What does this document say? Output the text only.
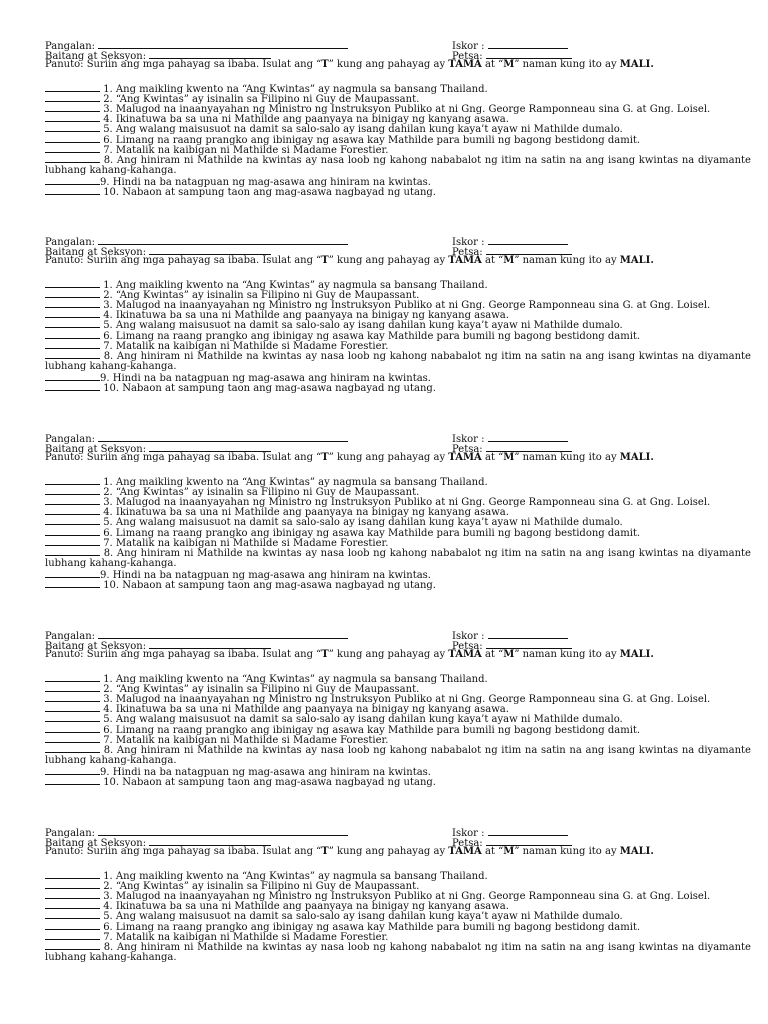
Pangalan:	Iskor :
Baitang at Seksyon:	Petsa:
Panuto: Suriin ang mga pahayag sa ibaba. Isulat ang “T” kung ang pahayag ay TAMA at “M” naman kung ito ay MALI.
1. Ang maikling kwento na “Ang Kwintas” ay nagmula sa bansang Thailand.
2. “Ang Kwintas” ay isinalin sa Filipino ni Guy de Maupassant.
3. Malugod na inaanyayahan ng Ministro ng Instruksyon Publiko at ni Gng. George Ramponneau sina G. at Gng. Loisel.
4. Ikinatuwa ba sa una ni Mathilde ang paanyaya na binigay ng kanyang asawa.
5. Ang walang maisusuot na damit sa salo-salo ay isang dahilan kung kaya’t ayaw ni Mathilde dumalo.
6. Limang na raang prangko ang ibinigay ng asawa kay Mathilde para bumili ng bagong bestidong damit.
7. Matalik na kaibigan ni Mathilde si Madame Forestier.
8. Ang hiniram ni Mathilde na kwintas ay nasa loob ng kahong nababalot ng itim na satin na ang isang kwintas na diyamante lubhang kahang-kahanga.
9. Hindi na ba natagpuan ng mag-asawa ang hiniram na kwintas.
10. Nabaon at sampung taon ang mag-asawa nagbayad ng utang.
Pangalan:	Iskor :
Baitang at Seksyon:	Petsa:
Panuto: Suriin ang mga pahayag sa ibaba. Isulat ang “T” kung ang pahayag ay TAMA at “M” naman kung ito ay MALI.
1. Ang maikling kwento na “Ang Kwintas” ay nagmula sa bansang Thailand.
2. “Ang Kwintas” ay isinalin sa Filipino ni Guy de Maupassant.
3. Malugod na inaanyayahan ng Ministro ng Instruksyon Publiko at ni Gng. George Ramponneau sina G. at Gng. Loisel.
4. Ikinatuwa ba sa una ni Mathilde ang paanyaya na binigay ng kanyang asawa.
5. Ang walang maisusuot na damit sa salo-salo ay isang dahilan kung kaya’t ayaw ni Mathilde dumalo.
6. Limang na raang prangko ang ibinigay ng asawa kay Mathilde para bumili ng bagong bestidong damit.
7. Matalik na kaibigan ni Mathilde si Madame Forestier.
8. Ang hiniram ni Mathilde na kwintas ay nasa loob ng kahong nababalot ng itim na satin na ang isang kwintas na diyamante lubhang kahang-kahanga.
9. Hindi na ba natagpuan ng mag-asawa ang hiniram na kwintas.
10. Nabaon at sampung taon ang mag-asawa nagbayad ng utang.
Pangalan:	Iskor :
Baitang at Seksyon:	Petsa:
Panuto: Suriin ang mga pahayag sa ibaba. Isulat ang “T” kung ang pahayag ay TAMA at “M” naman kung ito ay MALI.
1. Ang maikling kwento na “Ang Kwintas” ay nagmula sa bansang Thailand.
2. “Ang Kwintas” ay isinalin sa Filipino ni Guy de Maupassant.
3. Malugod na inaanyayahan ng Ministro ng Instruksyon Publiko at ni Gng. George Ramponneau sina G. at Gng. Loisel.
4. Ikinatuwa ba sa una ni Mathilde ang paanyaya na binigay ng kanyang asawa.
5. Ang walang maisusuot na damit sa salo-salo ay isang dahilan kung kaya’t ayaw ni Mathilde dumalo.
6. Limang na raang prangko ang ibinigay ng asawa kay Mathilde para bumili ng bagong bestidong damit.
7. Matalik na kaibigan ni Mathilde si Madame Forestier.
8. Ang hiniram ni Mathilde na kwintas ay nasa loob ng kahong nababalot ng itim na satin na ang isang kwintas na diyamante lubhang kahang-kahanga.
9. Hindi na ba natagpuan ng mag-asawa ang hiniram na kwintas.
10. Nabaon at sampung taon ang mag-asawa nagbayad ng utang.
Pangalan:	Iskor :
Baitang at Seksyon:	Petsa:
Panuto: Suriin ang mga pahayag sa ibaba. Isulat ang “T” kung ang pahayag ay TAMA at “M” naman kung ito ay MALI.
1. Ang maikling kwento na “Ang Kwintas” ay nagmula sa bansang Thailand.
2. “Ang Kwintas” ay isinalin sa Filipino ni Guy de Maupassant.
3. Malugod na inaanyayahan ng Ministro ng Instruksyon Publiko at ni Gng. George Ramponneau sina G. at Gng. Loisel.
4. Ikinatuwa ba sa una ni Mathilde ang paanyaya na binigay ng kanyang asawa.
5. Ang walang maisusuot na damit sa salo-salo ay isang dahilan kung kaya’t ayaw ni Mathilde dumalo.
6. Limang na raang prangko ang ibinigay ng asawa kay Mathilde para bumili ng bagong bestidong damit.
7. Matalik na kaibigan ni Mathilde si Madame Forestier.
8. Ang hiniram ni Mathilde na kwintas ay nasa loob ng kahong nababalot ng itim na satin na ang isang kwintas na diyamante lubhang kahang-kahanga.
9. Hindi na ba natagpuan ng mag-asawa ang hiniram na kwintas.
10. Nabaon at sampung taon ang mag-asawa nagbayad ng utang.
Pangalan:	Iskor :
Baitang at Seksyon:	Petsa:
Panuto: Suriin ang mga pahayag sa ibaba. Isulat ang “T” kung ang pahayag ay TAMA at “M” naman kung ito ay MALI.
1. Ang maikling kwento na “Ang Kwintas” ay nagmula sa bansang Thailand.
2. “Ang Kwintas” ay isinalin sa Filipino ni Guy de Maupassant.
3. Malugod na inaanyayahan ng Ministro ng Instruksyon Publiko at ni Gng. George Ramponneau sina G. at Gng. Loisel.
4. Ikinatuwa ba sa una ni Mathilde ang paanyaya na binigay ng kanyang asawa.
5. Ang walang maisusuot na damit sa salo-salo ay isang dahilan kung kaya’t ayaw ni Mathilde dumalo.
6. Limang na raang prangko ang ibinigay ng asawa kay Mathilde para bumili ng bagong bestidong damit.
7. Matalik na kaibigan ni Mathilde si Madame Forestier.
8. Ang hiniram ni Mathilde na kwintas ay nasa loob ng kahong nababalot ng itim na satin na ang isang kwintas na diyamante lubhang kahang-kahanga.
